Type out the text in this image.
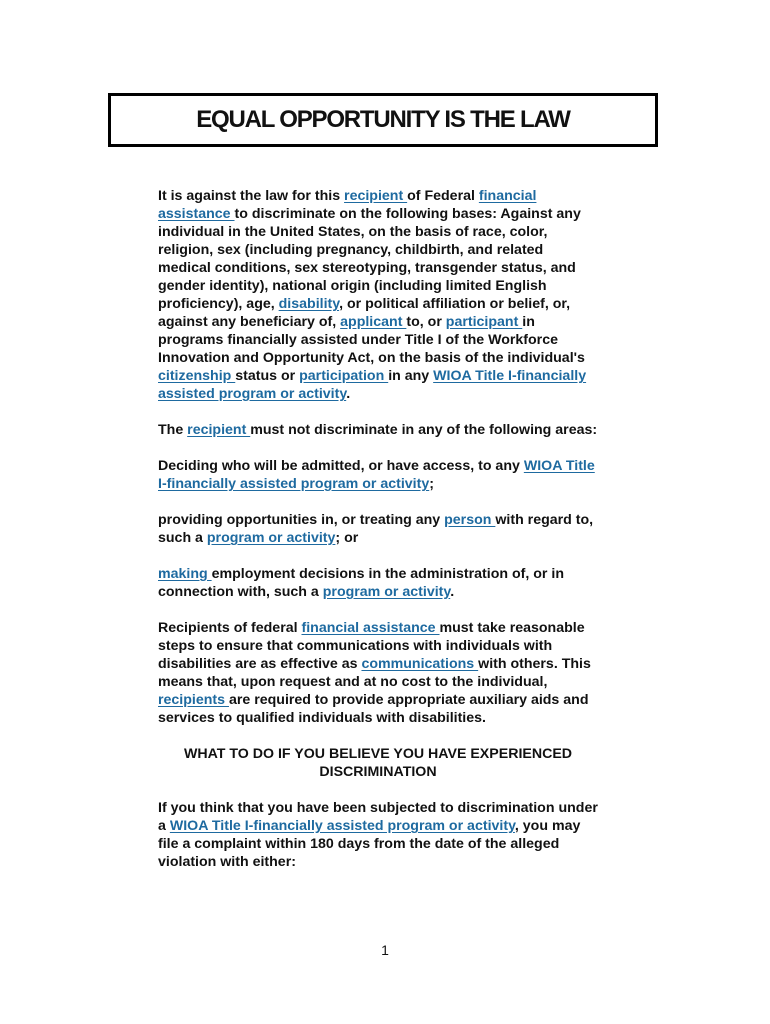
EQUAL OPPORTUNITY IS THE LAW

It is against the law for this recipient of Federal financial assistance to discriminate on the following bases: Against any individual in the United States, on the basis of race, color, religion, sex (including pregnancy, childbirth, and related medical conditions, sex stereotyping, transgender status, and gender identity), national origin (including limited English proficiency), age, disability, or political affiliation or belief, or, against any beneficiary of, applicant to, or participant in programs financially assisted under Title I of the Workforce Innovation and Opportunity Act, on the basis of the individual's citizenship status or participation in any WIOA Title I-financially assisted program or activity.

The recipient must not discriminate in any of the following areas:

Deciding who will be admitted, or have access, to any WIOA Title I-financially assisted program or activity;

providing opportunities in, or treating any person with regard to, such a program or activity; or

making employment decisions in the administration of, or in connection with, such a program or activity.

Recipients of federal financial assistance must take reasonable steps to ensure that communications with individuals with disabilities are as effective as communications with others. This means that, upon request and at no cost to the individual, recipients are required to provide appropriate auxiliary aids and services to qualified individuals with disabilities.

WHAT TO DO IF YOU BELIEVE YOU HAVE EXPERIENCED DISCRIMINATION

If you think that you have been subjected to discrimination under a WIOA Title I-financially assisted program or activity, you may file a complaint within 180 days from the date of the alleged violation with either:

1
